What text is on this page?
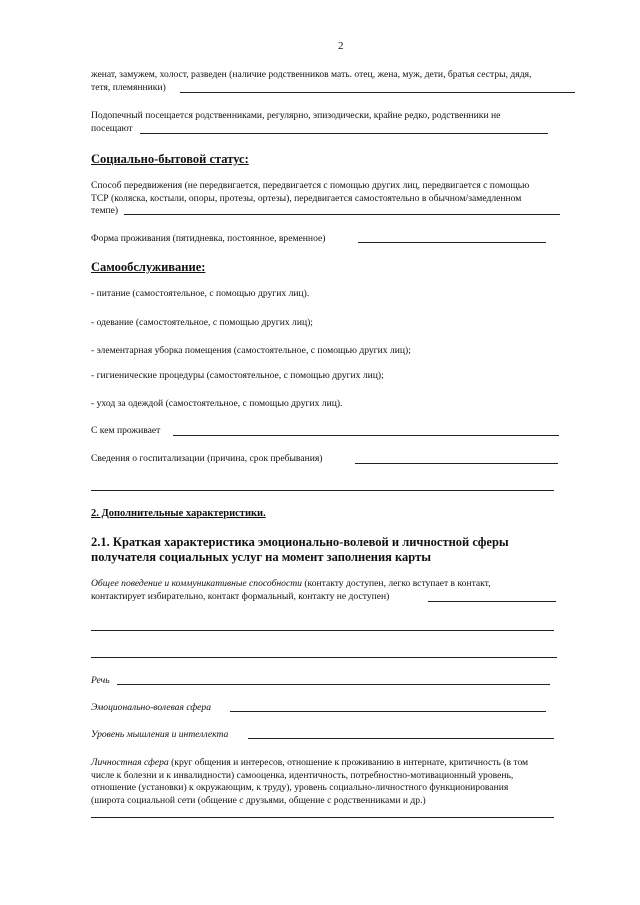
2
женат, замужем, холост, разведен (наличие родственников мать. отец, жена, муж, дети, братья сестры, дядя,
тетя, племянники)
Подопечный посещается родственниками, регулярно, эпизодически, крайне редко, родственники не
посещают
Социально-бытовой статус:
Способ передвижения (не передвигается, передвигается с помощью других лиц, передвигается с помощью
ТСР (коляска, костыли, опоры, протезы, ортезы), передвигается самостоятельно в обычном/замедленном
темпе)
Форма проживания (пятидневка, постоянное, временное)
Самообслуживание:
- питание (самостоятельное, с помощью других лиц).
- одевание (самостоятельное, с помощью других лиц);
- элементарная уборка помещения (самостоятельное, с помощью других лиц);
- гигиенические процедуры (самостоятельное, с помощью других лиц);
- уход за одеждой (самостоятельное, с помощью других лиц).
С кем проживает
Сведения о госпитализации (причина, срок пребывания)
2. Дополнительные характеристики.
2.1. Краткая характеристика эмоционально-волевой и личностной сферы
получателя социальных услуг на момент заполнения карты
Общее поведение и коммуникативные способности (контакту доступен, легко вступает в контакт,
контактирует избирательно, контакт формальный, контакту не доступен)
Речь
Эмоционально-волевая сфера
Уровень мышления и интеллекта
Личностная сфера (круг общения и интересов, отношение к проживанию в интернате, критичность (в том
числе к болезни и к инвалидности) самооценка, идентичность, потребностно-мотивационный уровень,
отношение (установки) к окружающим, к труду), уровень социально-личностного функционирования
(широта социальной сети (общение с друзьями, общение с родственниками и др.)
